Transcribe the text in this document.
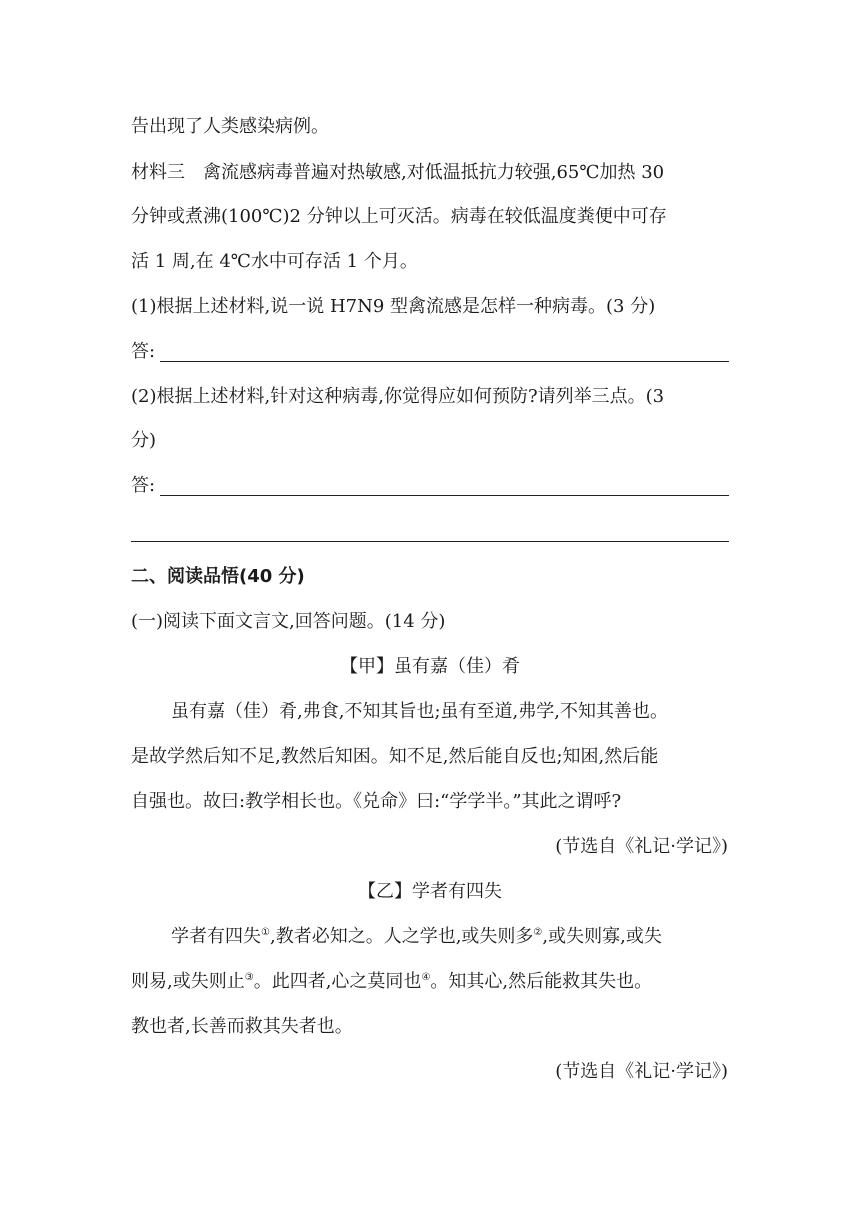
告出现了人类感染病例。
材料三　禽流感病毒普遍对热敏感,对低温抵抗力较强,65℃加热 30
分钟或煮沸(100℃)2 分钟以上可灭活。病毒在较低温度粪便中可存
活 1 周,在 4℃水中可存活 1 个月。
(1)根据上述材料,说一说 H7N9 型禽流感是怎样一种病毒。(3 分)
答:
(2)根据上述材料,针对这种病毒,你觉得应如何预防?请列举三点。(3
分)
答:
二、阅读品悟(40 分)
(一)阅读下面文言文,回答问题。(14 分)
【甲】虽有嘉（佳）肴
虽有嘉（佳）肴,弗食,不知其旨也;虽有至道,弗学,不知其善也。
是故学然后知不足,教然后知困。知不足,然后能自反也;知困,然后能
自强也。故曰:教学相长也。《兑命》曰:“学学半。”其此之谓呼?
(节选自《礼记·学记》)
【乙】学者有四失
学者有四失①,教者必知之。人之学也,或失则多②,或失则寡,或失
则易,或失则止③。此四者,心之莫同也④。知其心,然后能救其失也。
教也者,长善而救其失者也。
(节选自《礼记·学记》)
